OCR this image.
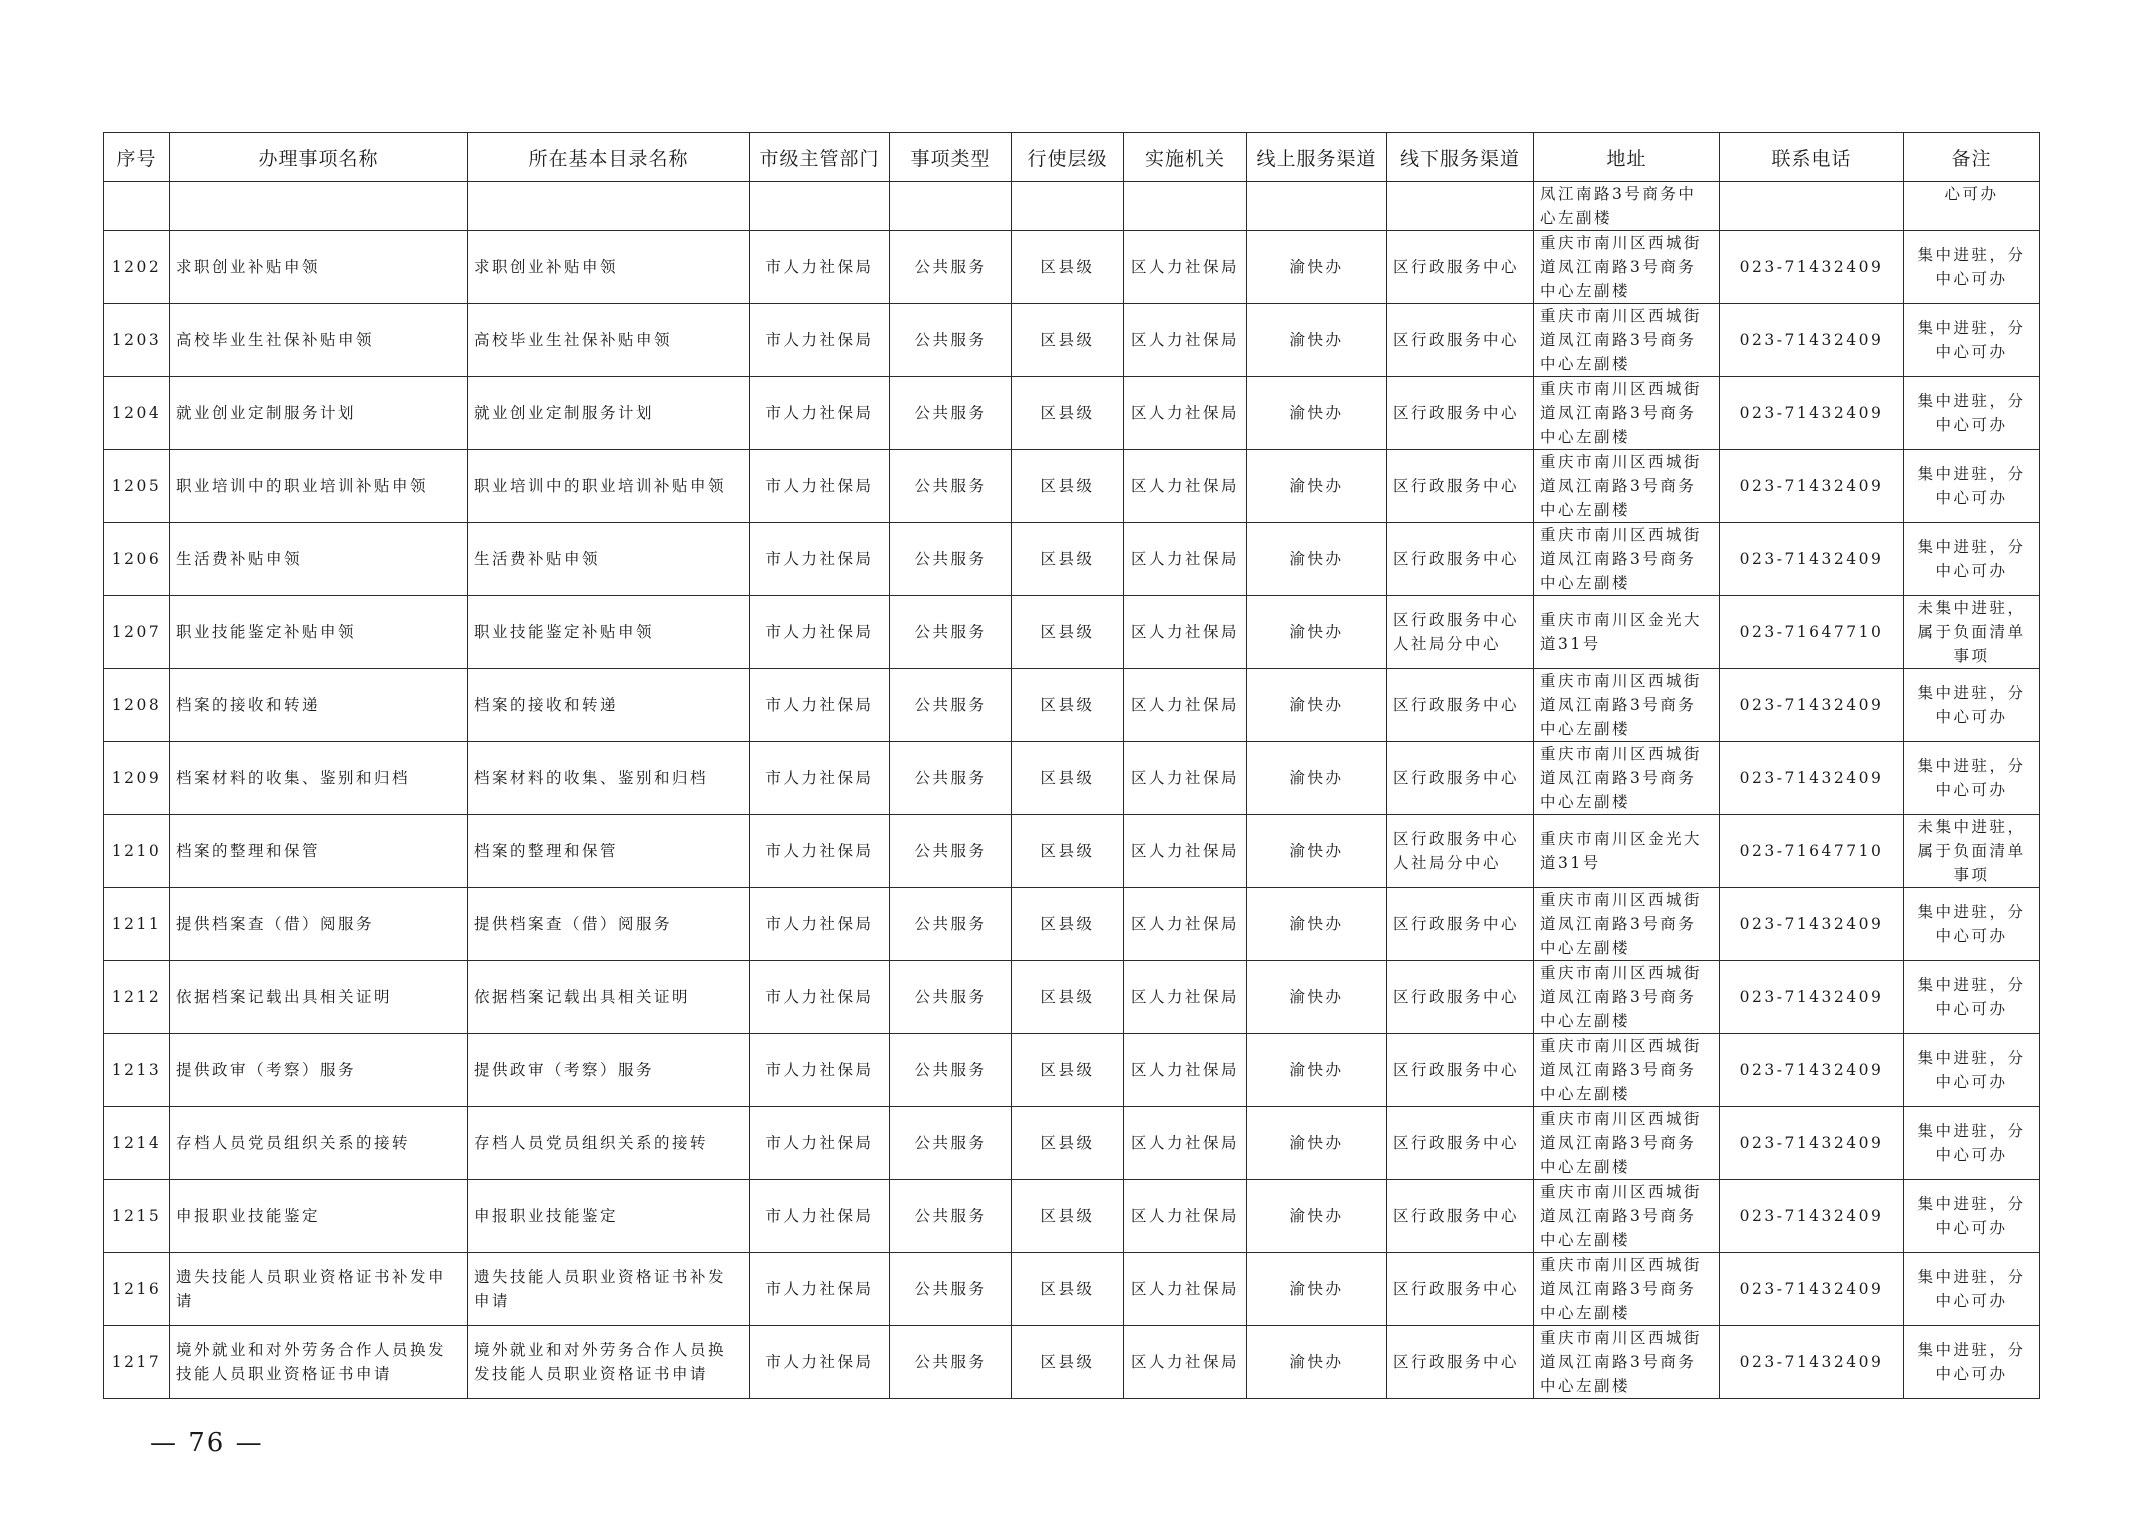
序号	办理事项名称	所在基本目录名称	市级主管部门	事项类型	行使层级	实施机关	线上服务渠道	线下服务渠道	地址	联系电话	备注
									凤江南路3号商务中心左副楼		心可办
1202	求职创业补贴申领	求职创业补贴申领	市人力社保局	公共服务	区县级	区人力社保局	渝快办	区行政服务中心	重庆市南川区西城街道凤江南路3号商务中心左副楼	023-71432409	集中进驻，分中心可办
1203	高校毕业生社保补贴申领	高校毕业生社保补贴申领	市人力社保局	公共服务	区县级	区人力社保局	渝快办	区行政服务中心	重庆市南川区西城街道凤江南路3号商务中心左副楼	023-71432409	集中进驻，分中心可办
1204	就业创业定制服务计划	就业创业定制服务计划	市人力社保局	公共服务	区县级	区人力社保局	渝快办	区行政服务中心	重庆市南川区西城街道凤江南路3号商务中心左副楼	023-71432409	集中进驻，分中心可办
1205	职业培训中的职业培训补贴申领	职业培训中的职业培训补贴申领	市人力社保局	公共服务	区县级	区人力社保局	渝快办	区行政服务中心	重庆市南川区西城街道凤江南路3号商务中心左副楼	023-71432409	集中进驻，分中心可办
1206	生活费补贴申领	生活费补贴申领	市人力社保局	公共服务	区县级	区人力社保局	渝快办	区行政服务中心	重庆市南川区西城街道凤江南路3号商务中心左副楼	023-71432409	集中进驻，分中心可办
1207	职业技能鉴定补贴申领	职业技能鉴定补贴申领	市人力社保局	公共服务	区县级	区人力社保局	渝快办	区行政服务中心人社局分中心	重庆市南川区金光大道31号	023-71647710	未集中进驻，属于负面清单事项
1208	档案的接收和转递	档案的接收和转递	市人力社保局	公共服务	区县级	区人力社保局	渝快办	区行政服务中心	重庆市南川区西城街道凤江南路3号商务中心左副楼	023-71432409	集中进驻，分中心可办
1209	档案材料的收集、鉴别和归档	档案材料的收集、鉴别和归档	市人力社保局	公共服务	区县级	区人力社保局	渝快办	区行政服务中心	重庆市南川区西城街道凤江南路3号商务中心左副楼	023-71432409	集中进驻，分中心可办
1210	档案的整理和保管	档案的整理和保管	市人力社保局	公共服务	区县级	区人力社保局	渝快办	区行政服务中心人社局分中心	重庆市南川区金光大道31号	023-71647710	未集中进驻，属于负面清单事项
1211	提供档案查（借）阅服务	提供档案查（借）阅服务	市人力社保局	公共服务	区县级	区人力社保局	渝快办	区行政服务中心	重庆市南川区西城街道凤江南路3号商务中心左副楼	023-71432409	集中进驻，分中心可办
1212	依据档案记载出具相关证明	依据档案记载出具相关证明	市人力社保局	公共服务	区县级	区人力社保局	渝快办	区行政服务中心	重庆市南川区西城街道凤江南路3号商务中心左副楼	023-71432409	集中进驻，分中心可办
1213	提供政审（考察）服务	提供政审（考察）服务	市人力社保局	公共服务	区县级	区人力社保局	渝快办	区行政服务中心	重庆市南川区西城街道凤江南路3号商务中心左副楼	023-71432409	集中进驻，分中心可办
1214	存档人员党员组织关系的接转	存档人员党员组织关系的接转	市人力社保局	公共服务	区县级	区人力社保局	渝快办	区行政服务中心	重庆市南川区西城街道凤江南路3号商务中心左副楼	023-71432409	集中进驻，分中心可办
1215	申报职业技能鉴定	申报职业技能鉴定	市人力社保局	公共服务	区县级	区人力社保局	渝快办	区行政服务中心	重庆市南川区西城街道凤江南路3号商务中心左副楼	023-71432409	集中进驻，分中心可办
1216	遗失技能人员职业资格证书补发申请	遗失技能人员职业资格证书补发申请	市人力社保局	公共服务	区县级	区人力社保局	渝快办	区行政服务中心	重庆市南川区西城街道凤江南路3号商务中心左副楼	023-71432409	集中进驻，分中心可办
1217	境外就业和对外劳务合作人员换发技能人员职业资格证书申请	境外就业和对外劳务合作人员换发技能人员职业资格证书申请	市人力社保局	公共服务	区县级	区人力社保局	渝快办	区行政服务中心	重庆市南川区西城街道凤江南路3号商务中心左副楼	023-71432409	集中进驻，分中心可办
— 76 —
